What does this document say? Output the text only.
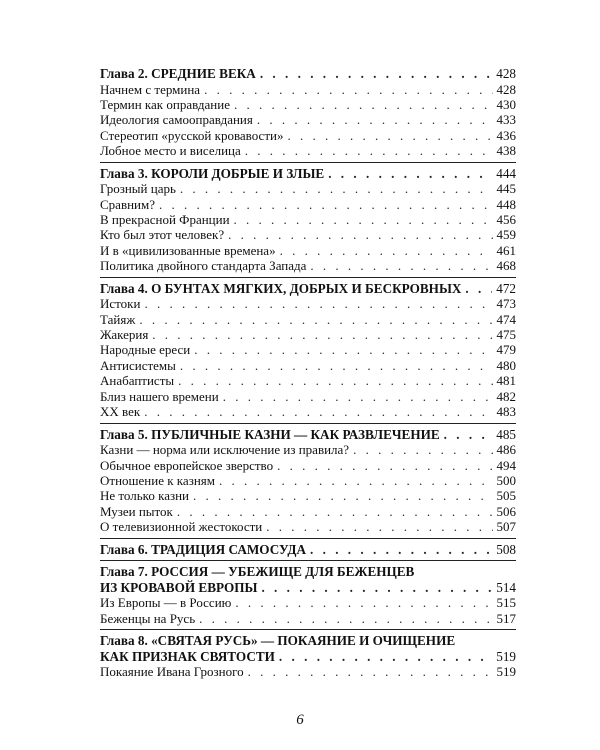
Глава 2. СРЕДНИЕ ВЕКА . . .	428
Начнем с термина . . .	428
Термин как оправдание . . .	430
Идеология самооправдания . . .	433
Стереотип «русской кровавости» . . .	436
Лобное место и виселица . . .	438
Глава 3. КОРОЛИ ДОБРЫЕ И ЗЛЫЕ . . .	444
Грозный царь . . .	445
Сравним? . . .	448
В прекрасной Франции . . .	456
Кто был этот человек? . . .	459
И в «цивилизованные времена» . . .	461
Политика двойного стандарта Запада . . .	468
Глава 4. О БУНТАХ МЯГКИХ, ДОБРЫХ И БЕСКРОВНЫХ . . .	472
Истоки . . .	473
Тайяж . . .	474
Жакерия . . .	475
Народные ереси . . .	479
Антисистемы . . .	480
Анабаптисты . . .	481
Близ нашего времени . . .	482
XX век . . .	483
Глава 5. ПУБЛИЧНЫЕ КАЗНИ — КАК РАЗВЛЕЧЕНИЕ . . .	485
Казни — норма или исключение из правила? . . .	486
Обычное европейское зверство . . .	494
Отношение к казням . . .	500
Не только казни . . .	505
Музеи пыток . . .	506
О телевизионной жестокости . . .	507
Глава 6. ТРАДИЦИЯ САМОСУДА . . .	508
Глава 7. РОССИЯ — УБЕЖИЩЕ ДЛЯ БЕЖЕНЦЕВ
ИЗ КРОВАВОЙ ЕВРОПЫ . . .	514
Из Европы — в Россию . . .	515
Беженцы на Русь . . .	517
Глава 8. «СВЯТАЯ РУСЬ» — ПОКАЯНИЕ И ОЧИЩЕНИЕ
КАК ПРИЗНАК СВЯТОСТИ . . .	519
Покаяние Ивана Грозного . . .	519
6
